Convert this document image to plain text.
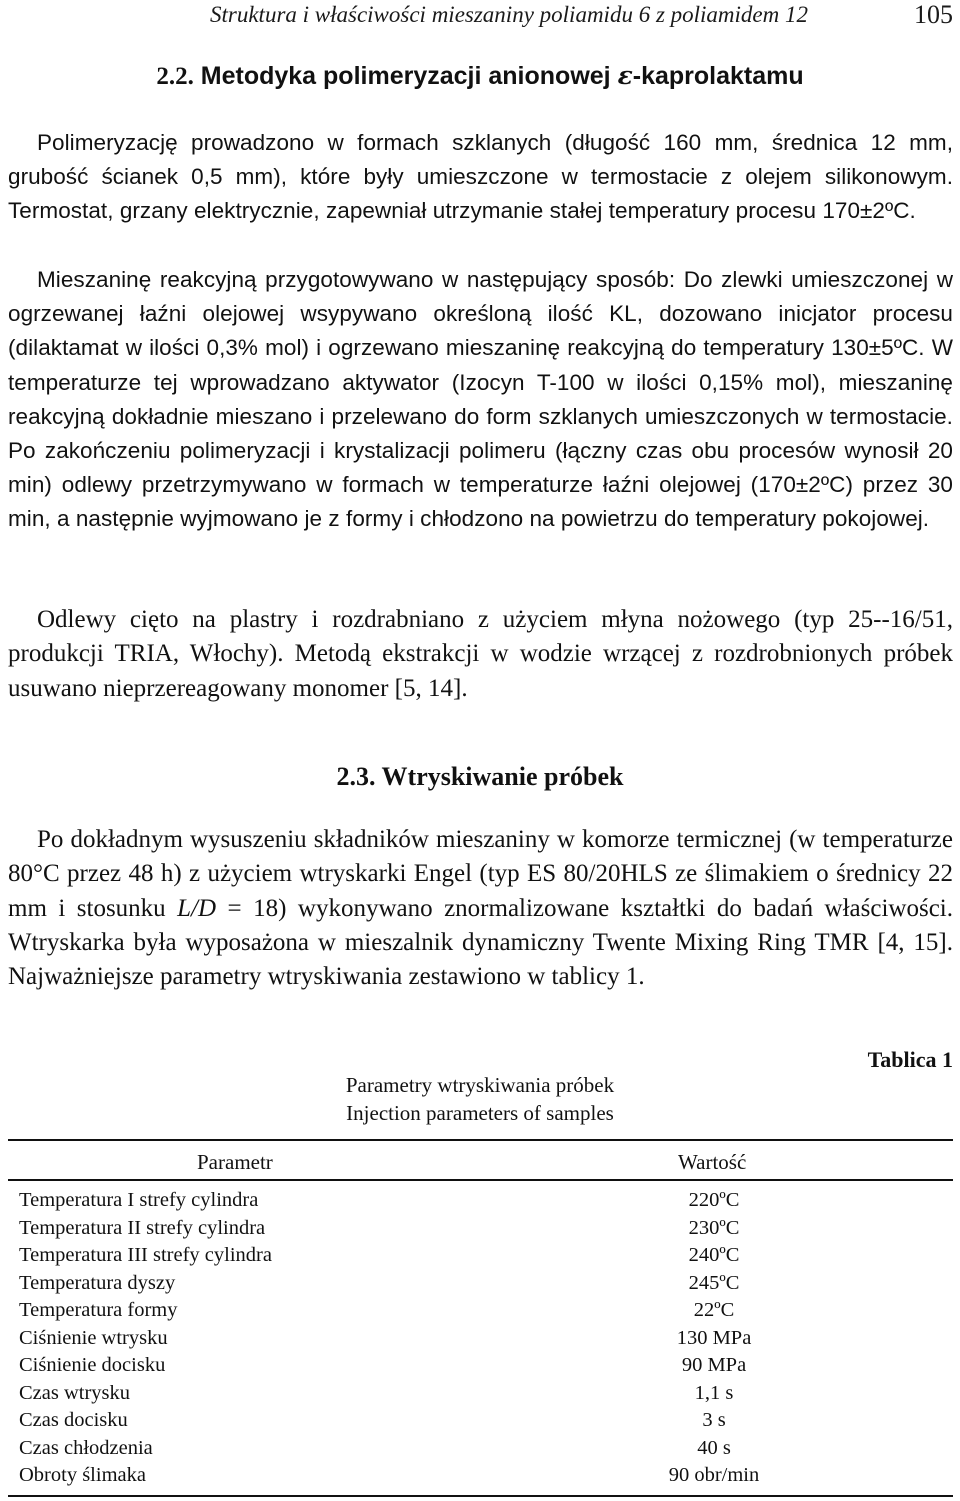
Struktura i właściwości mieszaniny poliamidu 6 z poliamidem 12	105
2.2. Metodyka polimeryzacji anionowej ε-kaprolaktamu

Polimeryzację prowadzono w formach szklanych (długość 160 mm, średnica 12 mm, grubość ścianek 0,5 mm), które były umieszczone w termostacie z olejem silikonowym. Termostat, grzany elektrycznie, zapewniał utrzymanie stałej temperatury procesu 170±2ºC.

Mieszaninę reakcyjną przygotowywano w następujący sposób: Do zlewki umieszczonej w ogrzewanej łaźni olejowej wsypywano określoną ilość KL, dozowano inicjator procesu (dilaktamat w ilości 0,3% mol) i ogrzewano mieszaninę reakcyjną do temperatury 130±5ºC. W temperaturze tej wprowadzano aktywator (Izocyn T-100 w ilości 0,15% mol), mieszaninę reakcyjną dokładnie mieszano i przelewano do form szklanych umieszczonych w termostacie. Po zakończeniu polimeryzacji i krystalizacji polimeru (łączny czas obu procesów wynosił 20 min) odlewy przetrzymywano w formach w temperaturze łaźni olejowej (170±2ºC) przez 30 min, a następnie wyjmowano je z formy i chłodzono na powietrzu do temperatury pokojowej.

Odlewy cięto na plastry i rozdrabniano z użyciem młyna nożowego (typ 25--16/51, produkcji TRIA, Włochy). Metodą ekstrakcji w wodzie wrzącej z rozdrobnionych próbek usuwano nieprzereagowany monomer [5, 14].

2.3. Wtryskiwanie próbek

Po dokładnym wysuszeniu składników mieszaniny w komorze termicznej (w temperaturze 80°C przez 48 h) z użyciem wtryskarki Engel (typ ES 80/20HLS ze ślimakiem o średnicy 22 mm i stosunku L/D = 18) wykonywano znormalizowane kształtki do badań właściwości. Wtryskarka była wyposażona w mieszalnik dynamiczny Twente Mixing Ring TMR [4, 15]. Najważniejsze parametry wtryskiwania zestawiono w tablicy 1.

Tablica 1
Parametry wtryskiwania próbek
Injection parameters of samples
Parametr	Wartość
Temperatura I strefy cylindra	220ºC
Temperatura II strefy cylindra	230ºC
Temperatura III strefy cylindra	240ºC
Temperatura dyszy	245ºC
Temperatura formy	22ºC
Ciśnienie wtrysku	130 MPa
Ciśnienie docisku	90 MPa
Czas wtrysku	1,1 s
Czas docisku	3 s
Czas chłodzenia	40 s
Obroty ślimaka	90 obr/min
